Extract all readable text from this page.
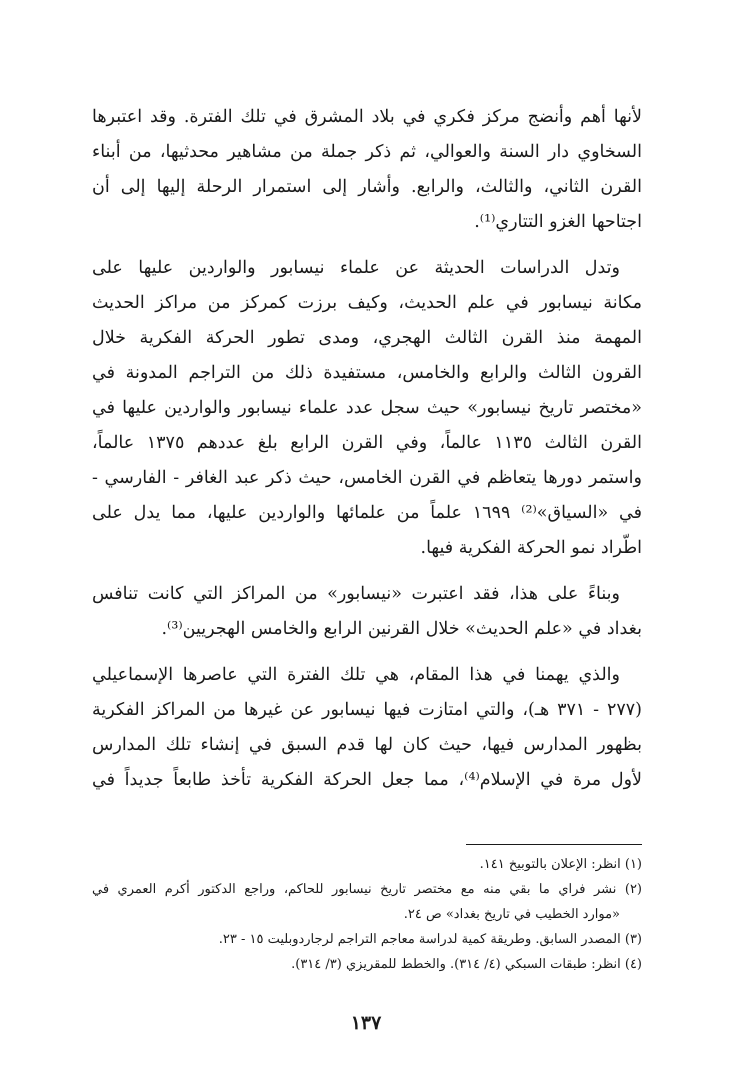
لأنها أهم وأنضج مركز فكري في بلاد المشرق في تلك الفترة. وقد اعتبرها

السخاوي دار السنة والعوالي، ثم ذكر جملة من مشاهير محدثيها، من أبناء

القرن الثاني، والثالث، والرابع. وأشار إلى استمرار الرحلة إليها إلى أن

اجتاحها الغزو التتاري⁽¹⁾.

وتدل الدراسات الحديثة عن علماء نيسابور والواردين عليها على

مكانة نيسابور في علم الحديث، وكيف برزت كمركز من مراكز الحديث

المهمة منذ القرن الثالث الهجري، ومدى تطور الحركة الفكرية خلال

القرون الثالث والرابع والخامس، مستفيدة ذلك من التراجم المدونة في

«مختصر تاريخ نيسابور» حيث سجل عدد علماء نيسابور والواردين عليها في

القرن الثالث ١١٣٥ عالماً، وفي القرن الرابع بلغ عددهم ١٣٧٥ عالماً،

واستمر دورها يتعاظم في القرن الخامس، حيث ذكر عبد الغافر - الفارسي -

في «السياق»⁽²⁾ ١٦٩٩ علماً من علمائها والواردين عليها، مما يدل على

اطّراد نمو الحركة الفكرية فيها.

وبناءً على هذا، فقد اعتبرت «نيسابور» من المراكز التي كانت تنافس

بغداد في «علم الحديث» خلال القرنين الرابع والخامس الهجريين⁽³⁾.

والذي يهمنا في هذا المقام، هي تلك الفترة التي عاصرها الإسماعيلي

(٢٧٧ - ٣٧١ هـ)، والتي امتازت فيها نيسابور عن غيرها من المراكز الفكرية

بظهور المدارس فيها، حيث كان لها قدم السبق في إنشاء تلك المدارس

لأول مرة في الإسلام⁽⁴⁾، مما جعل الحركة الفكرية تأخذ طابعاً جديداً في

(١) انظر: الإعلان بالتوبيخ ١٤١.

(٢) نشر فراي ما بقي منه مع مختصر تاريخ نيسابور للحاكم، وراجع الدكتور أكرم العمري في

«موارد الخطيب في تاريخ بغداد» ص ٢٤.

(٣) المصدر السابق. وطريقة كمية لدراسة معاجم التراجم لرجاردوبليت ١٥ - ٢٣.

(٤) انظر: طبقات السبكي (٤/ ٣١٤). والخطط للمقريزي (٣/ ٣١٤).

١٣٧
